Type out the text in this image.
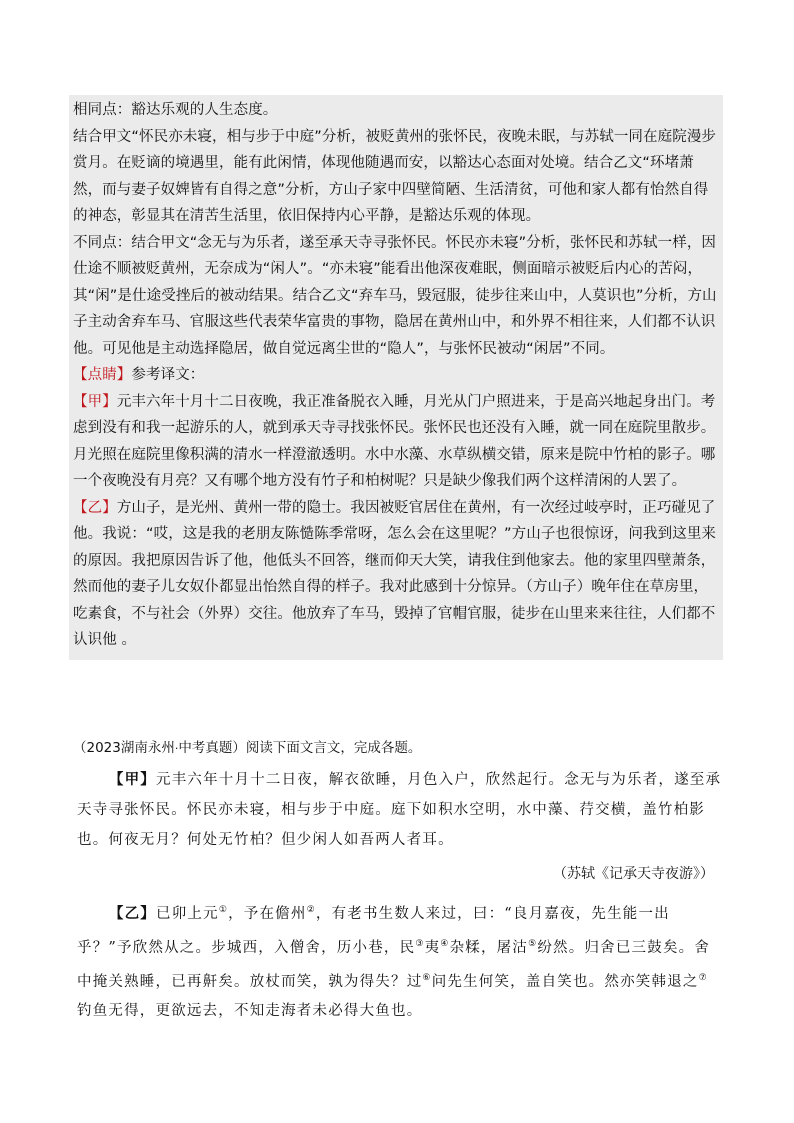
相同点：豁达乐观的人生态度。

结合甲文“怀民亦未寝，相与步于中庭”分析，被贬黄州的张怀民，夜晚未眠，与苏轼一同在庭院漫步赏月。在贬谪的境遇里，能有此闲情，体现他随遇而安，以豁达心态面对处境。结合乙文“环堵萧然，而与妻子奴婢皆有自得之意”分析，方山子家中四壁简陋、生活清贫，可他和家人都有怡然自得的神态，彰显其在清苦生活里，依旧保持内心平静，是豁达乐观的体现。

不同点：结合甲文“念无与为乐者，遂至承天寺寻张怀民。怀民亦未寝”分析，张怀民和苏轼一样，因仕途不顺被贬黄州，无奈成为“闲人”。“亦未寝”能看出他深夜难眠，侧面暗示被贬后内心的苦闷，其“闲”是仕途受挫后的被动结果。结合乙文“弃车马，毁冠服，徒步往来山中，人莫识也”分析，方山子主动舍弃车马、官服这些代表荣华富贵的事物，隐居在黄州山中，和外界不相往来，人们都不认识他。可见他是主动选择隐居，做自觉远离尘世的“隐人”，与张怀民被动“闲居”不同。

【点睛】参考译文：

【甲】元丰六年十月十二日夜晚，我正准备脱衣入睡，月光从门户照进来，于是高兴地起身出门。考虑到没有和我一起游乐的人，就到承天寺寻找张怀民。张怀民也还没有入睡，就一同在庭院里散步。月光照在庭院里像积满的清水一样澄澈透明。水中水藻、水草纵横交错，原来是院中竹柏的影子。哪一个夜晚没有月亮？又有哪个地方没有竹子和柏树呢？只是缺少像我们两个这样清闲的人罢了。

【乙】方山子，是光州、黄州一带的隐士。我因被贬官居住在黄州，有一次经过岐亭时，正巧碰见了他。我说：“哎，这是我的老朋友陈慥陈季常呀，怎么会在这里呢？”方山子也很惊讶，问我到这里来的原因。我把原因告诉了他，他低头不回答，继而仰天大笑，请我住到他家去。他的家里四壁萧条，然而他的妻子儿女奴仆都显出怡然自得的样子。我对此感到十分惊异。（方山子）晚年住在草房里，吃素食，不与社会（外界）交往。他放弃了车马，毁掉了官帽官服，徒步在山里来来往往，人们都不认识他 。

（2023湖南永州·中考真题）阅读下面文言文，完成各题。

【甲】元丰六年十月十二日夜，解衣欲睡，月色入户，欣然起行。念无与为乐者，遂至承天寺寻张怀民。怀民亦未寝，相与步于中庭。庭下如积水空明，水中藻、荇交横，盖竹柏影也。何夜无月？何处无竹柏？但少闲人如吾两人者耳。

（苏轼《记承天寺夜游》）

【乙】已卯上元①，予在儋州②，有老书生数人来过，曰：“良月嘉夜，先生能一出乎？”予欣然从之。步城西，入僧舍，历小巷，民③夷④杂糅，屠沽⑤纷然。归舍已三鼓矣。舍中掩关熟睡，已再鼾矣。放杖而笑，孰为得失？过⑥问先生何笑，盖自笑也。然亦笑韩退之⑦钓鱼无得，更欲远去，不知走海者未必得大鱼也。
